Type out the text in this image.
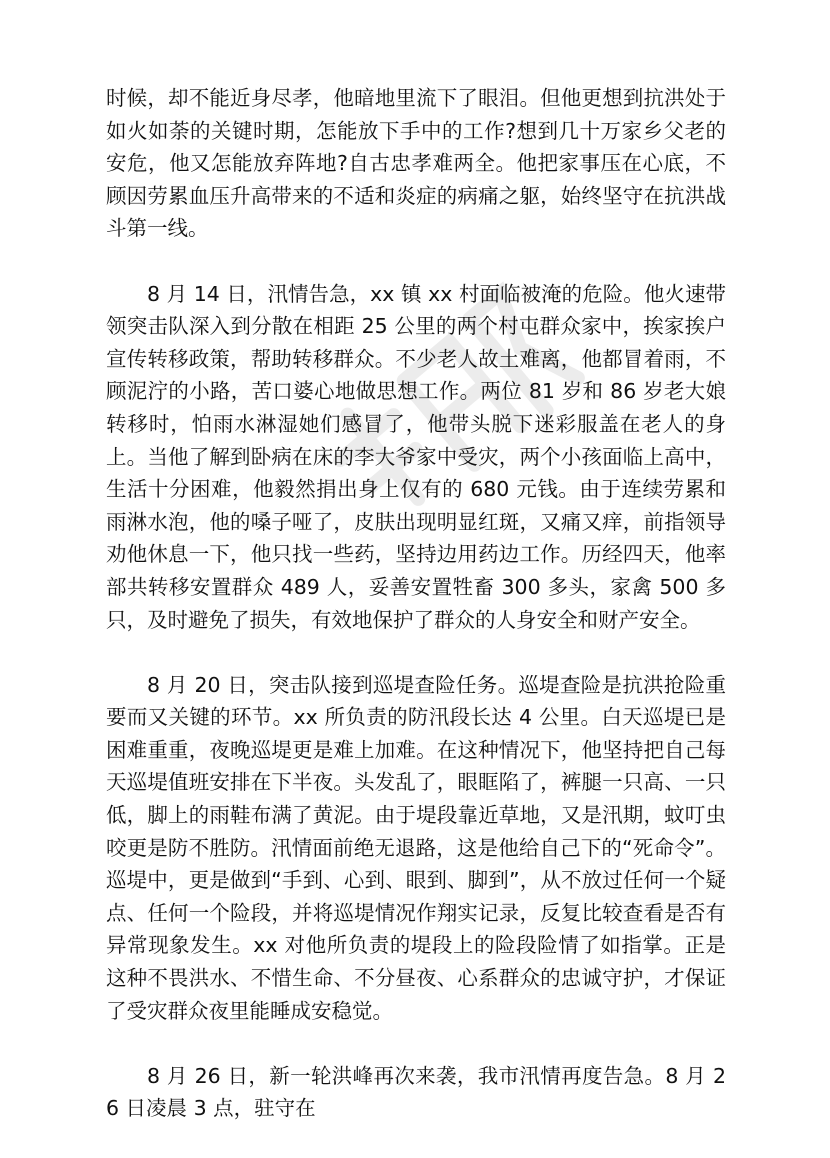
时候，却不能近身尽孝，他暗地里流下了眼泪。但他更想到抗洪处于如火如荼的关键时期，怎能放下手中的工作?想到几十万家乡父老的安危，他又怎能放弃阵地?自古忠孝难两全。他把家事压在心底，不顾因劳累血压升高带来的不适和炎症的病痛之躯，始终坚守在抗洪战斗第一线。

8 月 14 日，汛情告急，xx 镇 xx 村面临被淹的危险。他火速带领突击队深入到分散在相距 25 公里的两个村屯群众家中，挨家挨户宣传转移政策，帮助转移群众。不少老人故土难离，他都冒着雨，不顾泥泞的小路，苦口婆心地做思想工作。两位 81 岁和 86 岁老大娘转移时，怕雨水淋湿她们感冒了，他带头脱下迷彩服盖在老人的身上。当他了解到卧病在床的李大爷家中受灾，两个小孩面临上高中，生活十分困难，他毅然捐出身上仅有的 680 元钱。由于连续劳累和雨淋水泡，他的嗓子哑了，皮肤出现明显红斑，又痛又痒，前指领导劝他休息一下，他只找一些药，坚持边用药边工作。历经四天，他率部共转移安置群众 489 人，妥善安置牲畜 300 多头，家禽 500 多只，及时避免了损失，有效地保护了群众的人身安全和财产安全。

8 月 20 日，突击队接到巡堤查险任务。巡堤查险是抗洪抢险重要而又关键的环节。xx 所负责的防汛段长达 4 公里。白天巡堤已是困难重重，夜晚巡堤更是难上加难。在这种情况下，他坚持把自己每天巡堤值班安排在下半夜。头发乱了，眼眶陷了，裤腿一只高、一只低，脚上的雨鞋布满了黄泥。由于堤段靠近草地，又是汛期，蚊叮虫咬更是防不胜防。汛情面前绝无退路，这是他给自己下的“死命令”。巡堤中，更是做到“手到、心到、眼到、脚到”，从不放过任何一个疑点、任何一个险段，并将巡堤情况作翔实记录，反复比较查看是否有异常现象发生。xx 对他所负责的堤段上的险段险情了如指掌。正是这种不畏洪水、不惜生命、不分昼夜、心系群众的忠诚守护，才保证了受灾群众夜里能睡成安稳觉。

8 月 26 日，新一轮洪峰再次来袭，我市汛情再度告急。8 月 26 日凌晨 3 点，驻守在
